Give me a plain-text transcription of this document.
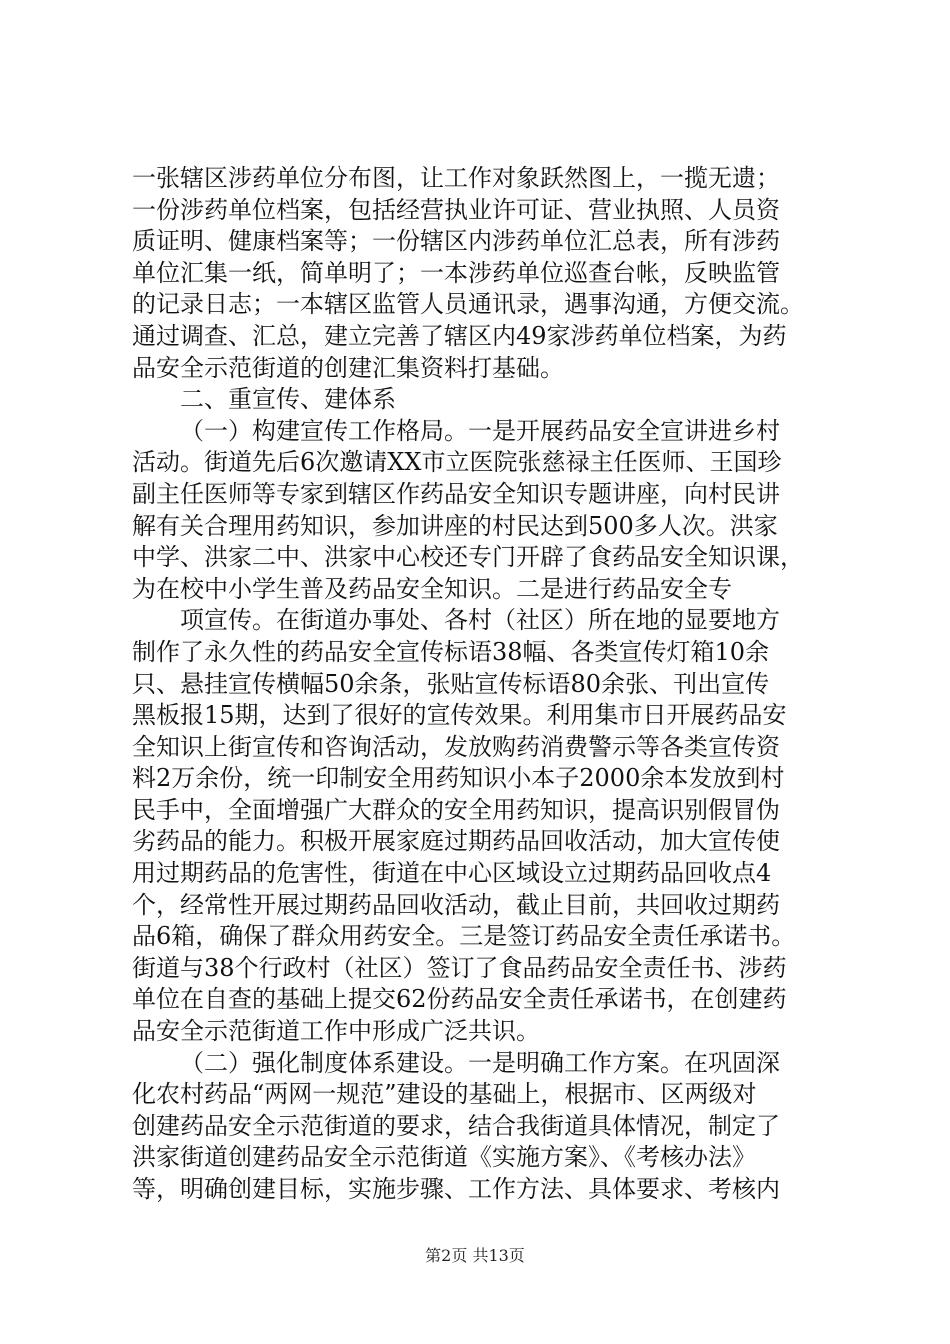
一张辖区涉药单位分布图，让工作对象跃然图上，一揽无遗；
一份涉药单位档案，包括经营执业许可证、营业执照、人员资
质证明、健康档案等；一份辖区内涉药单位汇总表，所有涉药
单位汇集一纸，简单明了；一本涉药单位巡查台帐，反映监管
的记录日志；一本辖区监管人员通讯录，遇事沟通，方便交流。
通过调查、汇总，建立完善了辖区内49家涉药单位档案，为药
品安全示范街道的创建汇集资料打基础。
二、重宣传、建体系
（一）构建宣传工作格局。一是开展药品安全宣讲进乡村
活动。街道先后6次邀请XX市立医院张慈禄主任医师、王国珍
副主任医师等专家到辖区作药品安全知识专题讲座，向村民讲
解有关合理用药知识，参加讲座的村民达到500多人次。洪家
中学、洪家二中、洪家中心校还专门开辟了食药品安全知识课，
为在校中小学生普及药品安全知识。二是进行药品安全专
项宣传。在街道办事处、各村（社区）所在地的显要地方
制作了永久性的药品安全宣传标语38幅、各类宣传灯箱10余
只、悬挂宣传横幅50余条，张贴宣传标语80余张、刊出宣传
黑板报15期，达到了很好的宣传效果。利用集市日开展药品安
全知识上街宣传和咨询活动，发放购药消费警示等各类宣传资
料2万余份，统一印制安全用药知识小本子2000余本发放到村
民手中，全面增强广大群众的安全用药知识，提高识别假冒伪
劣药品的能力。积极开展家庭过期药品回收活动，加大宣传使
用过期药品的危害性，街道在中心区域设立过期药品回收点4
个，经常性开展过期药品回收活动，截止目前，共回收过期药
品6箱，确保了群众用药安全。三是签订药品安全责任承诺书。
街道与38个行政村（社区）签订了食品药品安全责任书、涉药
单位在自查的基础上提交62份药品安全责任承诺书，在创建药
品安全示范街道工作中形成广泛共识。
（二）强化制度体系建设。一是明确工作方案。在巩固深
化农村药品“两网一规范”建设的基础上，根据市、区两级对
创建药品安全示范街道的要求，结合我街道具体情况，制定了
洪家街道创建药品安全示范街道《实施方案》、《考核办法》
等，明确创建目标，实施步骤、工作方法、具体要求、考核内
第2页 共13页
